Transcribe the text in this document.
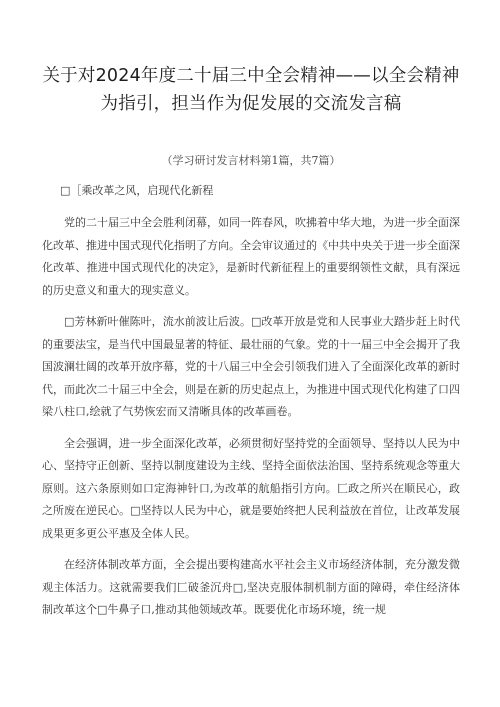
关于对2024年度二十届三中全会精神——以全会精神
为指引，担当作为促发展的交流发言稿
（学习研讨发言材料第1篇，共7篇）
□［乘改革之风，启现代化新程

党的二十届三中全会胜利闭幕，如同一阵春风，吹拂着中华大地，为进一步全面深化改革、推进中国式现代化指明了方向。全会审议通过的《中共中央关于进一步全面深化改革、推进中国式现代化的决定》，是新时代新征程上的重要纲领性文献，具有深远的历史意义和重大的现实意义。

□芳林新叶催陈叶，流水前波让后波。□改革开放是党和人民事业大踏步赶上时代的重要法宝，是当代中国最显著的特征、最壮丽的气象。党的十一届三中全会揭开了我国波澜壮阔的改革开放序幕，党的十八届三中全会引领我们进入了全面深化改革的新时代，而此次二十届三中全会，则是在新的历史起点上，为推进中国式现代化构建了口四梁八柱口,绘就了气势恢宏而又清晰具体的改革画卷。

全会强调，进一步全面深化改革，必须贯彻好坚持党的全面领导、坚持以人民为中心、坚持守正创新、坚持以制度建设为主线、坚持全面依法治国、坚持系统观念等重大原则。这六条原则如口定海神针口,为改革的航船指引方向。匚政之所兴在顺民心，政之所废在逆民心。□坚持以人民为中心，就是要始终把人民利益放在首位，让改革发展成果更多更公平惠及全体人民。

在经济体制改革方面，全会提出要构建高水平社会主义市场经济体制，充分激发微观主体活力。这就需要我们匚破釜沉舟□,坚决克服体制机制方面的障碍，牵住经济体制改革这个□牛鼻子口,推动其他领域改革。既要优化市场环境，统一规
